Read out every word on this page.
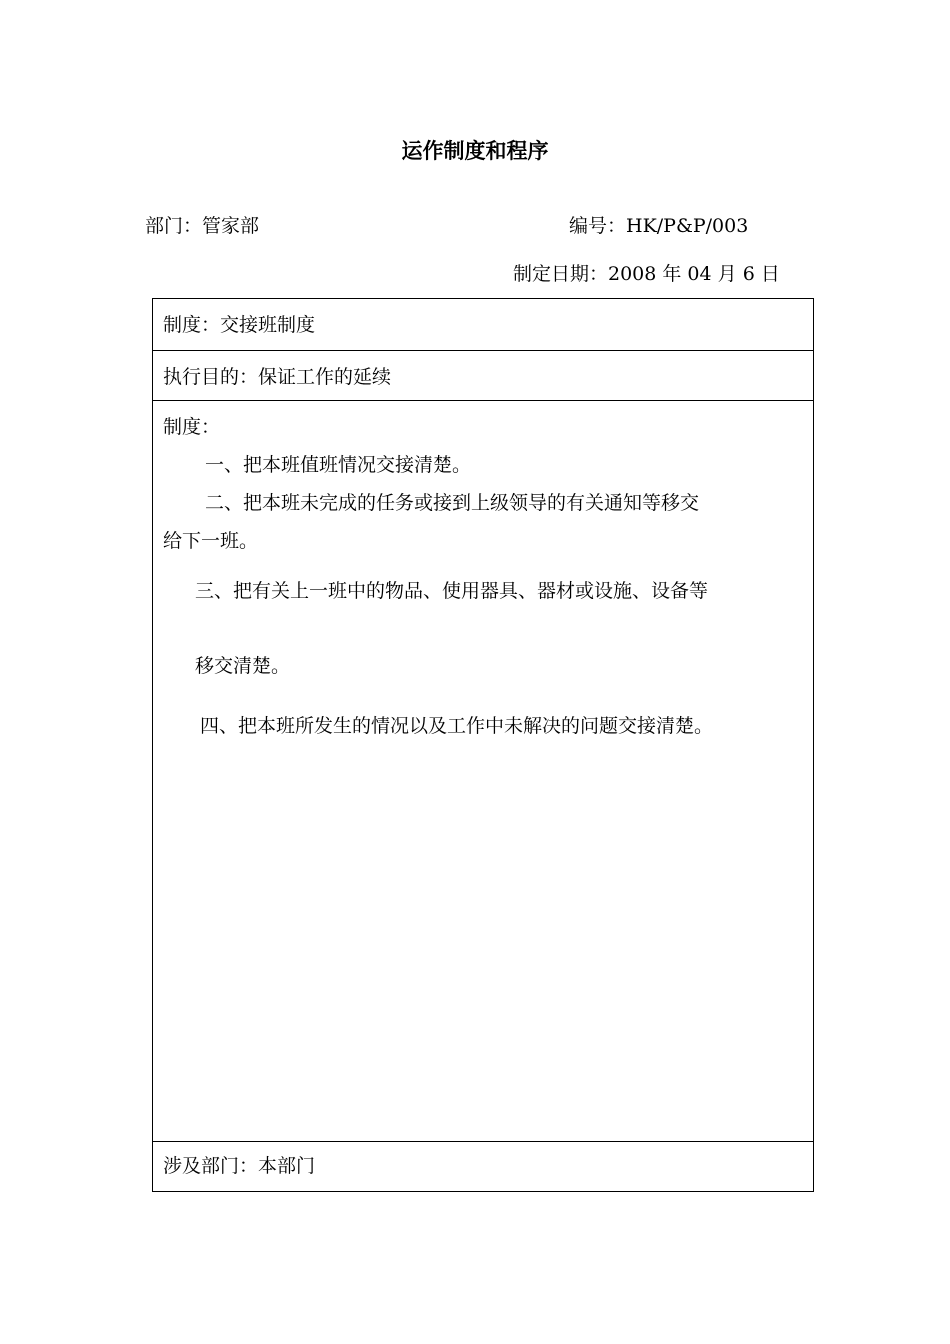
运作制度和程序
部门：管家部	编号：HK/P&P/003
制定日期：2008 年 04 月 6 日
制度：交接班制度
执行目的：保证工作的延续
制度：
一、把本班值班情况交接清楚。
二、把本班未完成的任务或接到上级领导的有关通知等移交
给下一班。
三、把有关上一班中的物品、使用器具、器材或设施、设备等
移交清楚。
四、把本班所发生的情况以及工作中未解决的问题交接清楚。
涉及部门：本部门
